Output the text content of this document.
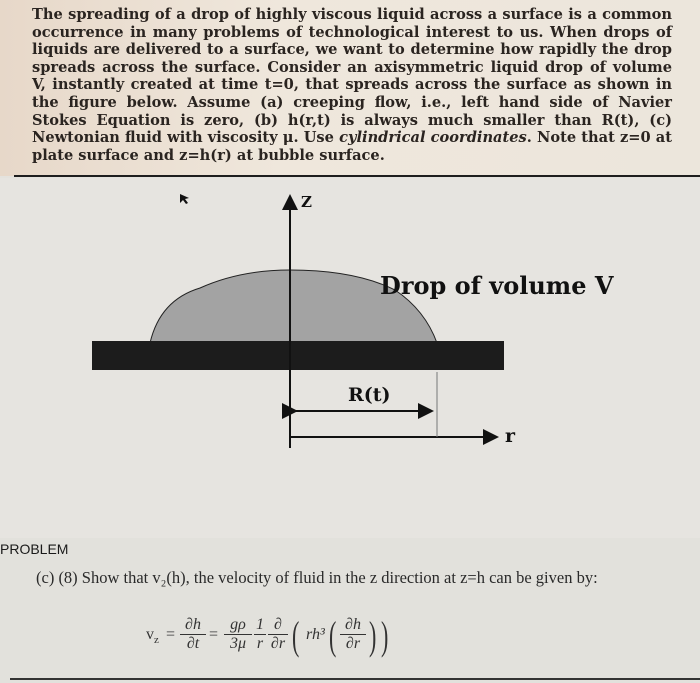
The spreading of a drop of highly viscous liquid across a surface is a common occurrence in many problems of technological interest to us. When drops of liquids are delivered to a surface, we want to determine how rapidly the drop spreads across the surface. Consider an axisymmetric liquid drop of volume V, instantly created at time t=0, that spreads across the surface as shown in the figure below. Assume (a) creeping flow, i.e., left hand side of Navier Stokes Equation is zero, (b) h(r,t) is always much smaller than R(t), (c) Newtonian fluid with viscosity μ. Use cylindrical coordinates. Note that z=0 at plate surface and z=h(r) at bubble surface.

Z
Drop of volume V
R(t)
r
PROBLEM

(c) (8) Show that v₂(h), the velocity of fluid in the z direction at z=h can be given by:

$v_z = \frac{\partial h}{\partial t} = \frac{g\rho}{3\mu} \frac{1}{r}$ ∂
∂r ( rh³ ( $\frac{\partial h}{\partial r}$ ) )
